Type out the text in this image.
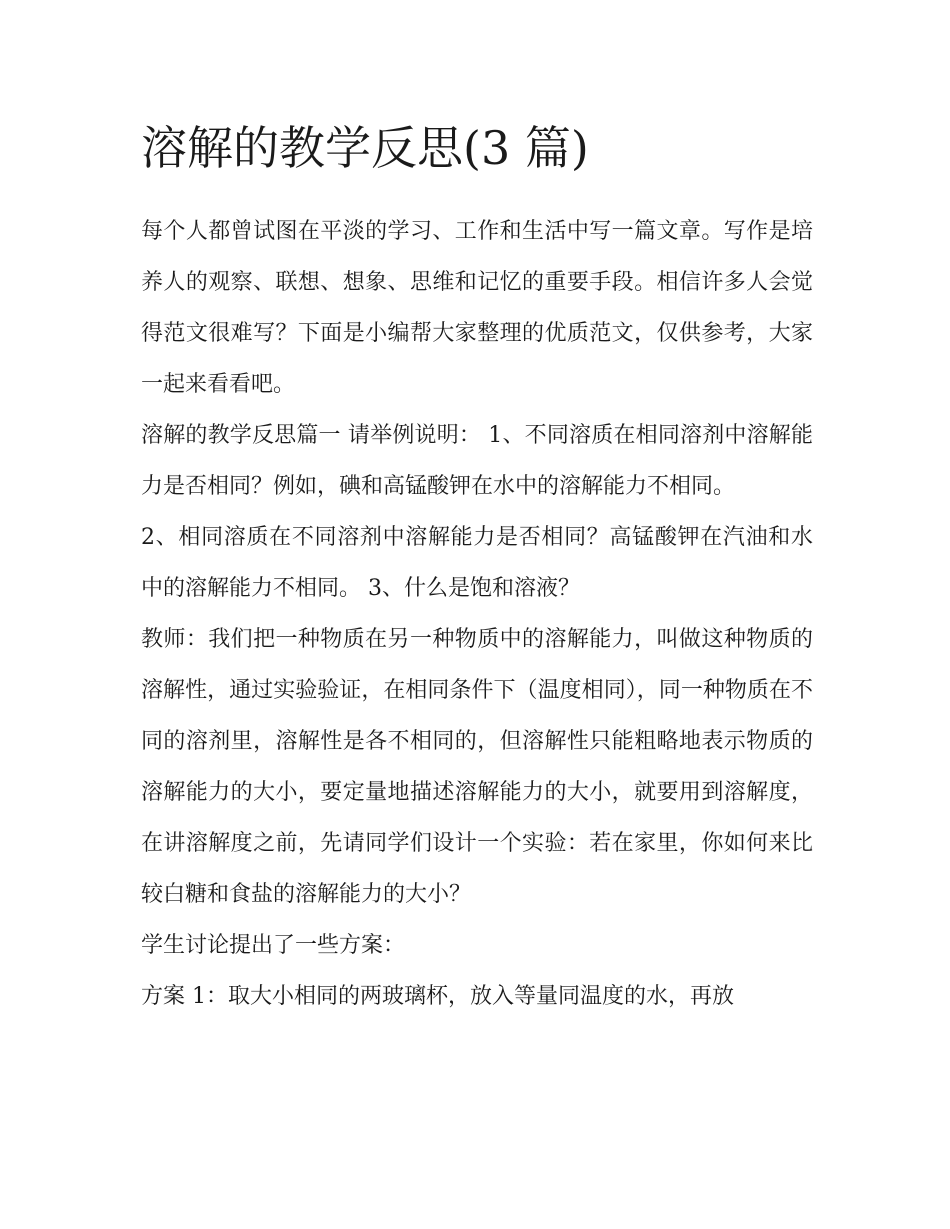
溶解的教学反思(3 篇)

每个人都曾试图在平淡的学习、工作和生活中写一篇文章。写作是培养人的观察、联想、想象、思维和记忆的重要手段。相信许多人会觉得范文很难写？下面是小编帮大家整理的优质范文，仅供参考，大家一起来看看吧。

溶解的教学反思篇一 请举例说明： 1、不同溶质在相同溶剂中溶解能力是否相同？例如，碘和高锰酸钾在水中的溶解能力不相同。

2、相同溶质在不同溶剂中溶解能力是否相同？高锰酸钾在汽油和水中的溶解能力不相同。 3、什么是饱和溶液？

教师：我们把一种物质在另一种物质中的溶解能力，叫做这种物质的溶解性，通过实验验证，在相同条件下（温度相同），同一种物质在不同的溶剂里，溶解性是各不相同的，但溶解性只能粗略地表示物质的溶解能力的大小，要定量地描述溶解能力的大小，就要用到溶解度，在讲溶解度之前，先请同学们设计一个实验：若在家里，你如何来比较白糖和食盐的溶解能力的大小？

学生讨论提出了一些方案：

方案 1：取大小相同的两玻璃杯，放入等量同温度的水，再放
